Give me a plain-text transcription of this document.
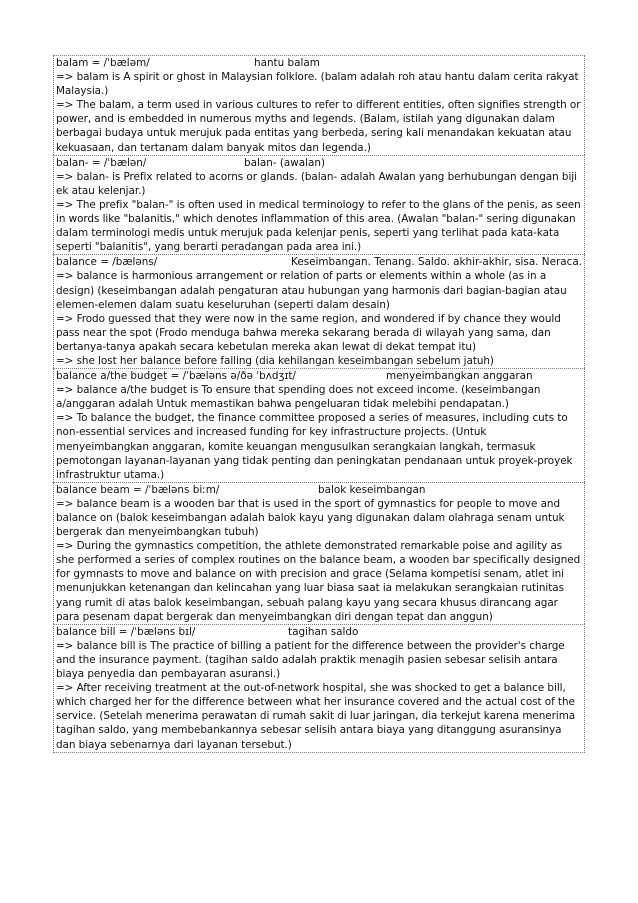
balam = /ˈbæləm/	hantu balam

=> balam is A spirit or ghost in Malaysian folklore. (balam adalah roh atau hantu dalam cerita rakyat Malaysia.)

=> The balam, a term used in various cultures to refer to different entities, often signifies strength or power, and is embedded in numerous myths and legends. (Balam, istilah yang digunakan dalam berbagai budaya untuk merujuk pada entitas yang berbeda, sering kali menandakan kekuatan atau kekuasaan, dan tertanam dalam banyak mitos dan legenda.)

balan- = /ˈbælən/	balan- (awalan)

=> balan- is Prefix related to acorns or glands. (balan- adalah Awalan yang berhubungan dengan biji ek atau kelenjar.)

=> The prefix "balan-" is often used in medical terminology to refer to the glans of the penis, as seen in words like "balanitis," which denotes inflammation of this area. (Awalan "balan-" sering digunakan dalam terminologi medis untuk merujuk pada kelenjar penis, seperti yang terlihat pada kata-kata seperti "balanitis", yang berarti peradangan pada area ini.)

balance = /bæləns/	Keseimbangan. Tenang. Saldo. akhir-akhir, sisa. Neraca.

=> balance is harmonious arrangement or relation of parts or elements within a whole (as in a design) (keseimbangan adalah pengaturan atau hubungan yang harmonis dari bagian-bagian atau elemen-elemen dalam suatu keseluruhan (seperti dalam desain)

=> Frodo guessed that they were now in the same region, and wondered if by chance they would pass near the spot (Frodo menduga bahwa mereka sekarang berada di wilayah yang sama, dan bertanya-tanya apakah secara kebetulan mereka akan lewat di dekat tempat itu)

=> she lost her balance before falling (dia kehilangan keseimbangan sebelum jatuh)

balance a/the budget = /ˈbæləns ə/ðə ˈbʌdʒɪt/	menyeimbangkan anggaran

=> balance a/the budget is To ensure that spending does not exceed income. (keseimbangan a/anggaran adalah Untuk memastikan bahwa pengeluaran tidak melebihi pendapatan.)

=> To balance the budget, the finance committee proposed a series of measures, including cuts to non-essential services and increased funding for key infrastructure projects. (Untuk menyeimbangkan anggaran, komite keuangan mengusulkan serangkaian langkah, termasuk pemotongan layanan-layanan yang tidak penting dan peningkatan pendanaan untuk proyek-proyek infrastruktur utama.)

balance beam = /ˈbæləns biːm/	balok keseimbangan

=> balance beam is a wooden bar that is used in the sport of gymnastics for people to move and balance on (balok keseimbangan adalah balok kayu yang digunakan dalam olahraga senam untuk bergerak dan menyeimbangkan tubuh)

=> During the gymnastics competition, the athlete demonstrated remarkable poise and agility as she performed a series of complex routines on the balance beam, a wooden bar specifically designed for gymnasts to move and balance on with precision and grace (Selama kompetisi senam, atlet ini menunjukkan ketenangan dan kelincahan yang luar biasa saat ia melakukan serangkaian rutinitas yang rumit di atas balok keseimbangan, sebuah palang kayu yang secara khusus dirancang agar para pesenam dapat bergerak dan menyeimbangkan diri dengan tepat dan anggun)

balance bill = /ˈbæləns bɪl/	tagihan saldo

=> balance bill is The practice of billing a patient for the difference between the provider's charge and the insurance payment. (tagihan saldo adalah praktik menagih pasien sebesar selisih antara biaya penyedia dan pembayaran asuransi.)

=> After receiving treatment at the out-of-network hospital, she was shocked to get a balance bill, which charged her for the difference between what her insurance covered and the actual cost of the service. (Setelah menerima perawatan di rumah sakit di luar jaringan, dia terkejut karena menerima tagihan saldo, yang membebankannya sebesar selisih antara biaya yang ditanggung asuransinya dan biaya sebenarnya dari layanan tersebut.)
